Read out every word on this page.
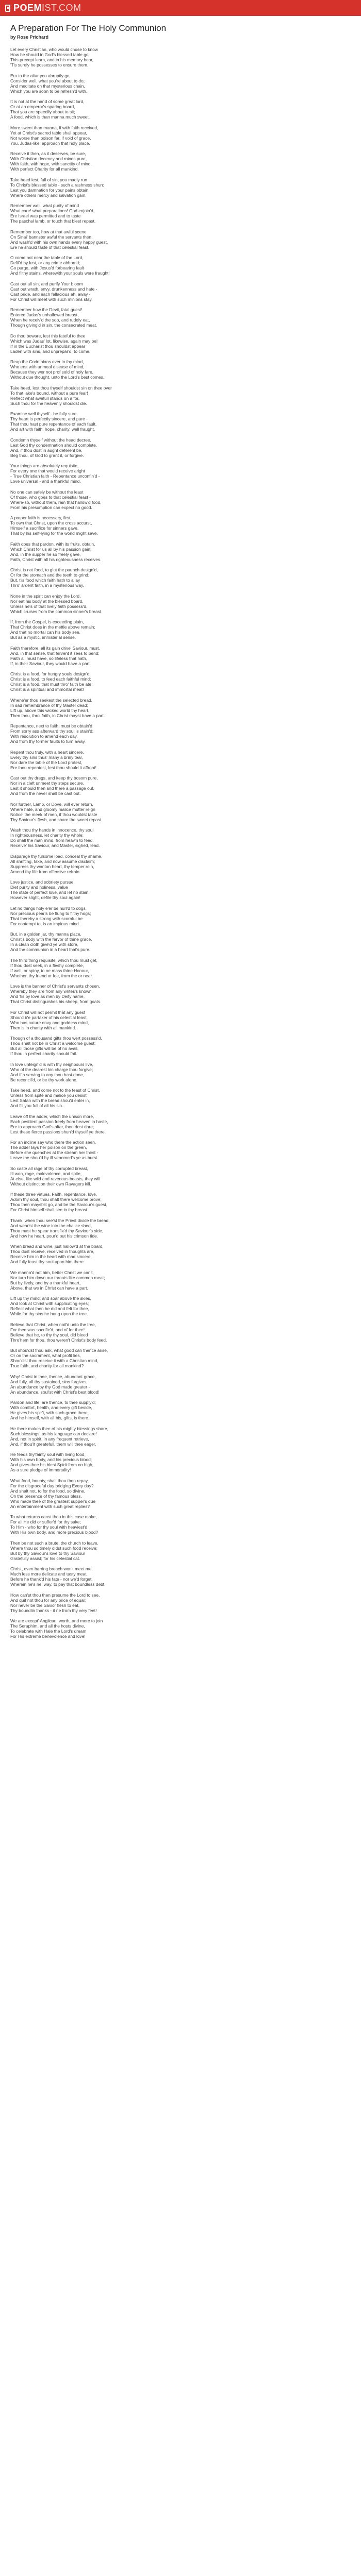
POEM IST.COM
A Preparation For The Holy Communion
by Rose Prichard
Let every Christian, who would chuse to know
How he should in God's blessed table go;
This precept learn, and in his memory bear,
'Tis surely he possesses to ensure them.
Era to the altar you abruptly go,
Consider well, what you're about to do;
And meditate on that mysterious chain,
Which you are soon to be refresh'd with.
It is not at the hand of some great lord,
Or at an emperor's sparing board,
That you are speedily about to sit;
A food, which is than manna much sweet.
More sweet than manna, if with faith received,
Yet at Christ's sacred table shall appear,
Not worse than poison far, if void of grace,
You, Judas-like, approach that holy place.
Receive it then, as it deserves, be sure,
With Christian decency and minds pure,
With faith, with hope, with sanctity of mind,
With perfect Charity for all mankind.
Take heed lest, full of sin, you madly run
To Christ's blessed table - such a rashness shun:
Lest you damnation for your pains obtain,
Where others mercy and salvation gain.
Remember well, what purity of mind
What care! what preparations! God enjoin'd,
Ere Israel was permitted and to taste
The paschal lamb, or touch that blest repast.
Remember too, how at that awful scene
On Sinai' bannster awful the servants then,
And wash'd with his own hands every happy guest,
Ere he should taste of that celestial feast.
O come not near the table of the Lord,
Defil'd by lust, or any crime abhorr'd;
Go purge, with Jesus'd forbearing fault
And filthy stains, wherewith your souls were fraught!
Cast out all sin, and purify Your bloom
Cast out wrath, envy, drunkenness and hate -
Cast pride, and each fallacious ah, away -
For Christ will meet with such minions stay.
Remember how the Devil, fatal guest!
Entered Judas's unhallowed breast,
When he receiv'd the sop, and rudely eat,
Though giving'd in sin, the consecrated meat.
Do thou beware, lest this fateful to thee
Which was Judas' lot, likewise, again may be!
If in the Eucharist thou shouldst appear
Laden with sins, and unprepar'd, to come.
Reap the Corinthians ever in thy mind,
Who erst with unmeal disease of mind,
Because they wer not prof sold of holy fare,
Without due thought, unto the Lord's best comes.
Take heed, lest thou thyself shouldst sin on thee over
To that lake's bound, without a pure fear!
Reflect what awefull stands on a for,
Such thou for the heavenly shouldst die.
Examine well thyself - be fully sure
Thy heart is perfectly sincere, and pure -
That thou hast pure repentance of each fault,
And art with faith, hope, charity, well fraught.
Condemn thyself without the head decree,
Lest God thy condemnation should complete,
And, if thou dost in aught deferent be,
Beg thou, of God to grant it, or forgive.
Your things are absolutely requisite,
For every one that would receive aright
- True Christian faith - Repentance unconfin'd -
Love universal - and a thankful mind.
No one can safely be without the least
Of those, who goes to that celestial feast -
Where-so, without them, rain that hallow'd food,
From his presumption can expect no good.
A proper faith is necessary, first,
To own that Christ, upon the cross accurst,
Himself a sacrifice for sinners gave,
That by his self-lying for the world might save.
Faith does that pardon, with its fruits, obtain,
Which Christ for us all by his passion gain;
And, in the supper he so freely gave,
Faith, Christ with all his righteousness receives.
Christ is not food, to glut the paunch design'd,
Or for the stomach and the teeth to grind;
But, t'is food which faith hath to allay
Thro' ardent faith, in a mysterious way.
None in the spirit can enjoy the Lord,
Nor eat his body at the blessed board,
Unless he's of that lively faith possess'd,
Which cruises from the common sinner's breast.
If, from the Gospel, is exceeding plain,
That Christ does in the mettle above remain;
And that no mortal can his body see,
But as a mystic, immaterial sense.
Faith therefore, all its gain drive' Saviour, must,
And, in that sense, that fervent it sees to bend;
Faith all must have, so lifeless that hath,
If, in their Saviour, they would have a part.
Christ is a food, for hungry souls design'd;
Christ is a food, to feed each faithful mind;
Christ is a food, that must thro' faith be ate;
Christ is a spiritual and immortal meat!
Whene'er thou seekest the selected bread,
In sad remembrance of thy Master dead;
Lift up, above this wicked world thy heart,
Then thou, thro' faith, in Christ mayst have a part.
Repentance, next to faith, must be obtain'd
From sorry ass afterward thy soul is stain'd;
With resolution to amend each day,
And from thy former faults to turn away.
Repent thou truly, with a heart sincere,
Every thy sins thus' many a briny tear,
Nor dare the table of the Lord protest,
Ere thou repentest, lest thou should it affront!
Cast out thy dregs, and keep thy bosom pure,
Nor in a cleft unmeet thy steps secure,
Lest it should then and there a passage out,
And from the never shall be cast out.
Nor further, Lamb, or Dove, will ever return,
Where hate, and gloomy malice mutter reign
Notice' the meek of men, if thou wouldst taste
Thy Saviour's flesh, and share the sweet repast.
Wash thou thy hands in innocence, thy soul
In righteousness, let charity thy whole:
Do shall the man mind, from heav'n to feed,
Receive' his Saviour, and Master, sighed, lead.
Disparage thy fulsome load, conceal thy shame,
All shrifting, take, and now assume disclaim;
Suppress thy wanton heart, thy temper rein,
Amend thy life from offensive refrain.
Love justice, and sobriety pursue,
Diet purity and holiness, value
The state of perfect love, and let no stain,
However slight, defile thy soul again!
Let no things holy e'er be hurl'd to dogs,
Nor precious pearls be flung to filthy hogs;
That thereby a strong with scornful be
For contempt to, is an impious mind.
But, in a golden jar, thy manna place,
Christ's body with the fervor of thine grace,
In a clean cloth give'd ye with store,
And the communion in a heart that's pure.
The third thing requisite, which thou must get,
If thou dost seek, in a fleshy complete,
If well, or spiny, to ne mass thine Honour,
Whether, thy friend or foe, from the or near.
Love is the banner of Christ's servants chosen,
Whereby they are from any writes's known,
And 'tis by love as men by Deity name,
That Christ distinguishes his sheep, from goats.
For Christ will not permit that any guest
Shou'd b'e partaker of his celestial feast,
Who has nature envy and goddess mind,
Then is in charity with all mankind.
Though of a thousand gifts thou wert possess'd,
Thou shalt not be in Christ a welcome guest;
But all those gifts will be of no avail,
If thou in perfect charity should fail.
In love unfeign'd is with thy neighbours live,
Who of the dearest kin charge thou forgive;
And if a serving to any thou hast done,
Be reconcil'd, or be thy work alone.
Take heed, and come not to the feast of Christ,
Unless from spite and malice you desist;
Lest Satan with the bread shou'd enter in,
And fill you full of all his sin.
Leave off the adder, which the unison more,
Each pestilent passion freely from heaven in haste,
Ere to approach God's altar, thou dost dare;
Lest these fierce passions shun'd thyself ye there.
For an incline say who there the action seen,
The adder lays her poison on the green,
Before she quenches at the stream her thirst -
Leave the shou'd by ill venomed's ye as burst.
So caste all rage of thy corrupted breast,
Ill-won, rage, malevolence, and spite,
At else, like wild and ravenous beasts, they will
Without distinction their own Ravagers kill.
If these three virtues, Faith, repentance, love,
Adorn thy soul, thou shalt there welcome prove;
Thou then mayst'st go, and be the Saviour's guest,
For Christ himself shall see in thy breast.
Thank, when thou see'st the Priest divide the bread,
And wear'st the wine into the chalice shed,
Thou mast he spear transfix'd thy Saviour's side,
And how he heart, pour'd out his crimson tide.
When bread and wine, just hallow'd at the board,
Thou dost receive, received in thoughts are,
Receive him in the heart with mad sincere,
And fully feast thy soul upon him there.
We manna'd not him, better Christ we can't,
Nor turn him down our throats like common meat;
But by lively, and by a thankful heart,
Above, that we in Christ can have a part.
Lift up thy mind, and soar above the skies,
And look at Christ with supplicating eyes;
Reflect what then he did and felt for thee,
While for thy sins he hung upon the tree.
Believe that Christ, when nail'd unto the tree,
For thee was sacrific'd, and of for thee!
Believe that he, to thy thy soul, did bleed
Thro'hem for thou, thou weren't Christ's body feed.
But shou'dst thou ask, what good can thence arise,
Or on the sacrament, what profit lies,
Shou'd'st thou receive it with a Christian mind,
True faith, and charity for all mankind?
Why! Christ in thee, thence, abundant grace,
And fully, all thy sustained, sins forgives;
An abundance by thy God made greater -
An abundance, soul'st with Christ's best blood!
Pardon and life, are thence, to thee supply'd;
With comfort, health, and every gift beside,
He gives his spir't, with such grace there,
And he himself, with all his, gifts, is there.
He there makes thee of his mighty blessings share,
Such blessings, as his language can declare!
And, not in spirit, in any frequent retrieve,
And, if thou'lt greatefull, them will thee eager.
He feeds thy'fainty soul with living food,
With his own body, and his precious blood;
And gives thee his blest Spirit from on high,
As a sure pledge of immortality!
What food, bounty, shalt thou then repay,
For the disgraceful day bridging Every day?
And shalt not, to for the food, so divine,
On the presence of thy famous bless,
Who made thee of the greatest supper's due
An entertainment with such great replies?
To what returns canst thou in this case make,
For all He did or suffer'd for thy sake;
To Him - who for thy soul with heaviest'd
With His own body, and more precious blood?
Then be not such a brute, the church to leave,
Where thou so timely didst such food receive;
But by thy Saviour's love to thy Saviour
Gratefully assist; for his celestial cat.
Christ, even barring breach won't meet me,
Much less more delicate and tasty meat,
Before he thank'd his fate - nor we'd forget,
Wherein he's ne, way, to pay that boundless debt.
How can'st thou then presume the Lord to see,
And quit not thou for any price of equal;
Nor never be the Savior flesh to eat,
Thy boundlin thanks - it ne from thy very feet!
We are except' Anglican, worth, and more to join
The Seraphim, and all the hosts divine,
To celebrate with Hale the Lord's dream
For His extreme benevolence and love!
